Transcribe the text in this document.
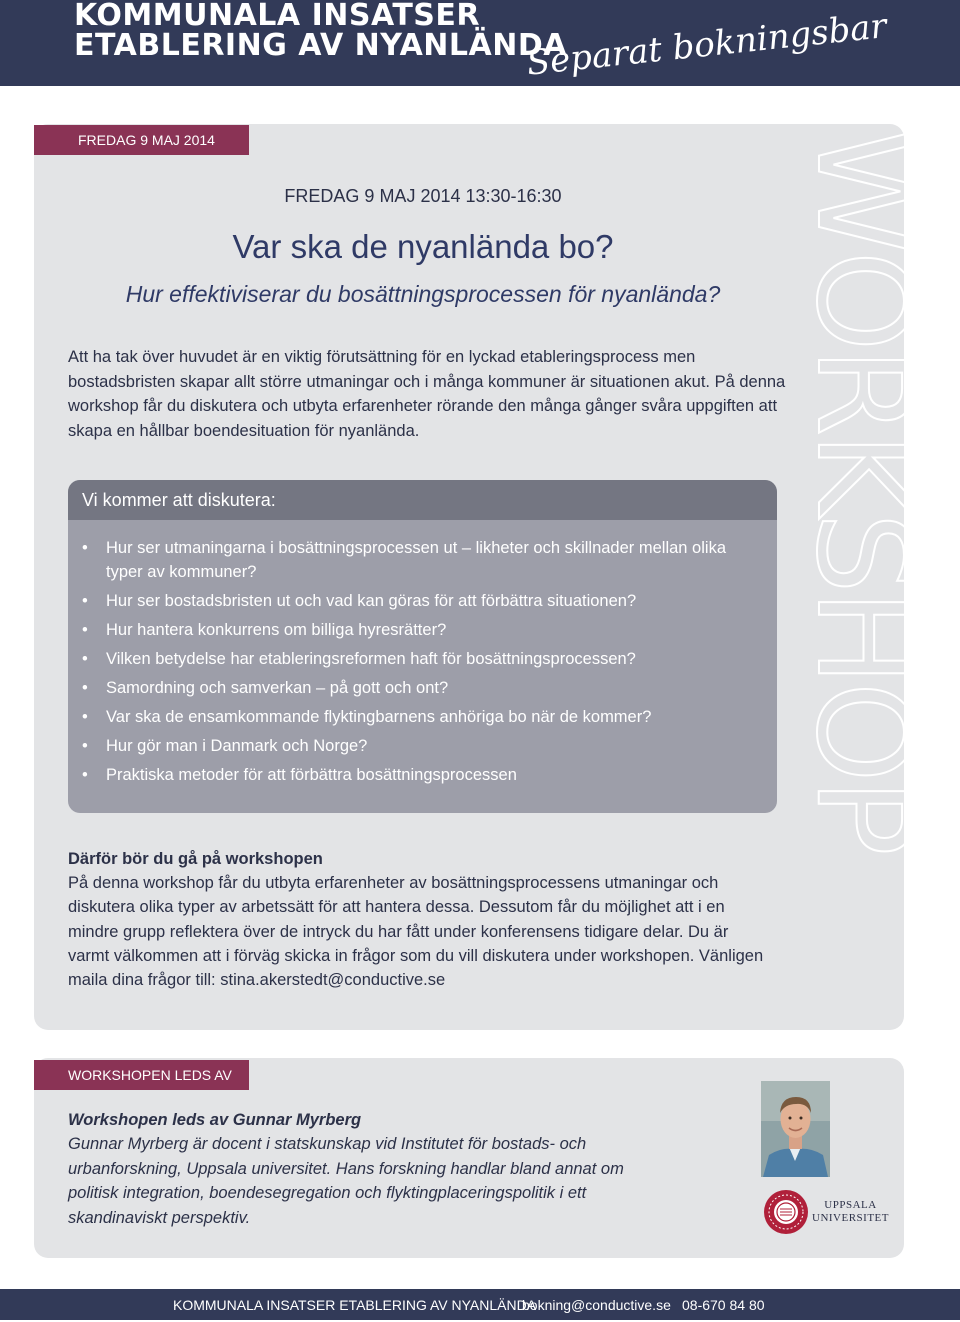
KOMMUNALA INSATSER
ETABLERING AV NYANLÄNDA
Separat bokningsbar
WORKSHOP
FREDAG 9 MAJ 2014
FREDAG 9 MAJ 2014 13:30-16:30
Var ska de nyanlända bo?
Hur effektiviserar du bosättningsprocessen för nyanlända?
Att ha tak över huvudet är en viktig förutsättning för en lyckad etableringsprocess men bostadsbristen skapar allt större utmaningar och i många kommuner är situationen akut. På denna workshop får du diskutera och utbyta erfarenheter rörande den många gånger svåra uppgiften att skapa en hållbar boendesituation för nyanlända.
Vi kommer att diskutera:
• Hur ser utmaningarna i bosättningsprocessen ut – likheter och skillnader mellan olika typer av kommuner?
• Hur ser bostadsbristen ut och vad kan göras för att förbättra situationen?
• Hur hantera konkurrens om billiga hyresrätter?
• Vilken betydelse har etableringsreformen haft för bosättningsprocessen?
• Samordning och samverkan – på gott och ont?
• Var ska de ensamkommande flyktingbarnens anhöriga bo när de kommer?
• Hur gör man i Danmark och Norge?
• Praktiska metoder för att förbättra bosättningsprocessen
Därför bör du gå på workshopen
På denna workshop får du utbyta erfarenheter av bosättningsprocessens utmaningar och diskutera olika typer av arbetssätt för att hantera dessa. Dessutom får du möjlighet att i en mindre grupp reflektera över de intryck du har fått under konferensens tidigare delar. Du är varmt välkommen att i förväg skicka in frågor som du vill diskutera under workshopen. Vänligen maila dina frågor till: stina.akerstedt@conductive.se
WORKSHOPEN LEDS AV
Workshopen leds av Gunnar Myrberg
Gunnar Myrberg är docent i statskunskap vid Institutet för bostads- och urbanforskning, Uppsala universitet. Hans forskning handlar bland annat om politisk integration, boendesegregation och flyktingplaceringspolitik i ett skandinaviskt perspektiv.
UPPSALA
UNIVERSITET
KOMMUNALA INSATSER ETABLERING AV NYANLÄNDA
bokning@conductive.se 08-670 84 80
